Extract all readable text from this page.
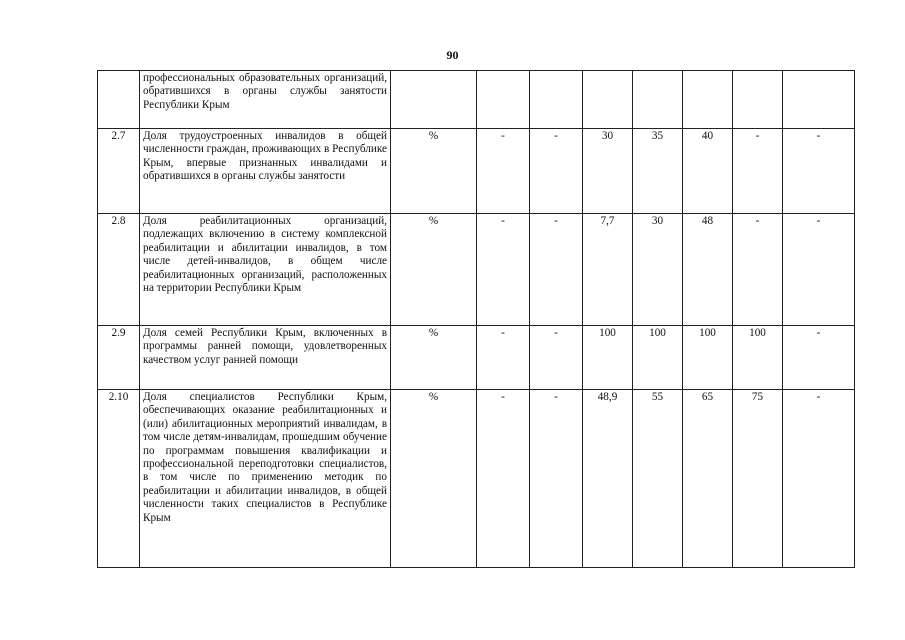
90
	профессиональных образовательных организаций, обратившихся в органы службы занятости Республики Крым								
2.7	Доля трудоустроенных инвалидов в общей численности граждан, проживающих в Республике Крым, впервые признанных инвалидами и обратившихся в органы службы занятости	%	-	-	30	35	40	-	-
2.8	Доля реабилитационных организаций, подлежащих включению в систему комплексной реабилитации и абилитации инвалидов, в том числе детей-инвалидов, в общем числе реабилитационных организаций, расположенных на территории Республики Крым	%	-	-	7,7	30	48	-	-
2.9	Доля семей Республики Крым, включенных в программы ранней помощи, удовлетворенных качеством услуг ранней помощи	%	-	-	100	100	100	100	-
2.10	Доля специалистов Республики Крым, обеспечивающих оказание реабилитационных и (или) абилитационных мероприятий инвалидам, в том числе детям-инвалидам, прошедшим обучение по программам повышения квалификации и профессиональной переподготовки специалистов, в том числе по применению методик по реабилитации и абилитации инвалидов, в общей численности таких специалистов в Республике Крым	%	-	-	48,9	55	65	75	-
